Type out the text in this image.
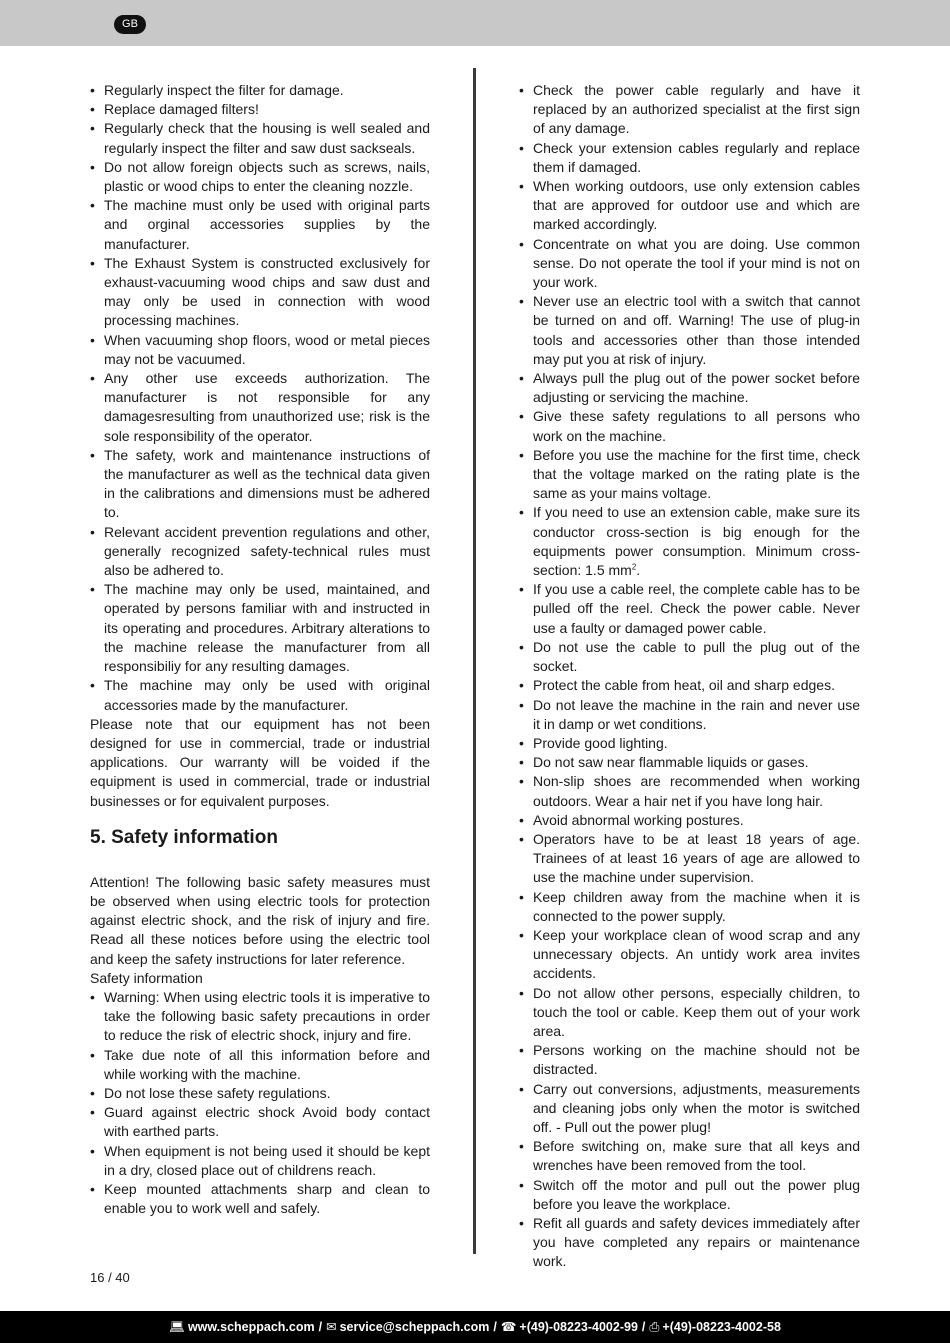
GB
• Regularly inspect the filter for damage.
• Replace damaged filters!
• Regularly check that the housing is well sealed and regularly inspect the filter and saw dust sackseals.
• Do not allow foreign objects such as screws, nails, plastic or wood chips to enter the cleaning nozzle.
• The machine must only be used with original parts and orginal accessories supplies by the manufacturer.
• The Exhaust System is constructed exclusively for exhaust-vacuuming wood chips and saw dust and may only be used in connection with wood processing machines.
• When vacuuming shop floors, wood or metal pieces may not be vacuumed.
• Any other use exceeds authorization. The manufacturer is not responsible for any damagesresulting from unauthorized use; risk is the sole responsibility of the operator.
• The safety, work and maintenance instructions of the manufacturer as well as the technical data given in the calibrations and dimensions must be adhered to.
• Relevant accident prevention regulations and other, generally recognized safety-technical rules must also be adhered to.
• The machine may only be used, maintained, and operated by persons familiar with and instructed in its operating and procedures. Arbitrary alterations to the machine release the manufacturer from all responsibiliy for any resulting damages.
• The machine may only be used with original accessories made by the manufacturer.

Please note that our equipment has not been designed for use in commercial, trade or industrial applications. Our warranty will be voided if the equipment is used in commercial, trade or industrial businesses or for equivalent purposes.

5. Safety information

Attention! The following basic safety measures must be observed when using electric tools for protection against electric shock, and the risk of injury and fire. Read all these notices before using the electric tool and keep the safety instructions for later reference.

Safety information

• Warning: When using electric tools it is imperative to take the following basic safety precautions in order to reduce the risk of electric shock, injury and fire.
• Take due note of all this information before and while working with the machine.
• Do not lose these safety regulations.
• Guard against electric shock Avoid body contact with earthed parts.
• When equipment is not being used it should be kept in a dry, closed place out of childrens reach.
• Keep mounted attachments sharp and clean to enable you to work well and safely.
• Check the power cable regularly and have it replaced by an authorized specialist at the first sign of any damage.
• Check your extension cables regularly and replace them if damaged.
• When working outdoors, use only extension cables that are approved for outdoor use and which are marked accordingly.
• Concentrate on what you are doing. Use common sense. Do not operate the tool if your mind is not on your work.
• Never use an electric tool with a switch that cannot be turned on and off. Warning! The use of plug-in tools and accessories other than those intended may put you at risk of injury.
• Always pull the plug out of the power socket before adjusting or servicing the machine.
• Give these safety regulations to all persons who work on the machine.
• Before you use the machine for the first time, check that the voltage marked on the rating plate is the same as your mains voltage.
• If you need to use an extension cable, make sure its conductor cross-section is big enough for the equipments power consumption. Minimum cross-section: 1.5 $mm^2$.
• If you use a cable reel, the complete cable has to be pulled off the reel. Check the power cable. Never use a faulty or damaged power cable.
• Do not use the cable to pull the plug out of the socket.
• Protect the cable from heat, oil and sharp edges.
• Do not leave the machine in the rain and never use it in damp or wet conditions.
• Provide good lighting.
• Do not saw near flammable liquids or gases.
• Non-slip shoes are recommended when working outdoors. Wear a hair net if you have long hair.
• Avoid abnormal working postures.
• Operators have to be at least 18 years of age. Trainees of at least 16 years of age are allowed to use the machine under supervision.
• Keep children away from the machine when it is connected to the power supply.
• Keep your workplace clean of wood scrap and any unnecessary objects. An untidy work area invites accidents.
• Do not allow other persons, especially children, to touch the tool or cable. Keep them out of your work area.
• Persons working on the machine should not be distracted.
• Carry out conversions, adjustments, measurements and cleaning jobs only when the motor is switched off. - Pull out the power plug!
• Before switching on, make sure that all keys and wrenches have been removed from the tool.
• Switch off the motor and pull out the power plug before you leave the workplace.
• Refit all guards and safety devices immediately after you have completed any repairs or maintenance work.
16 / 40
💻︎ www.scheppach.com / ✉︎ service@scheppach.com / ☎︎ +(49)-08223-4002-99 / ⎙ +(49)-08223-4002-58
